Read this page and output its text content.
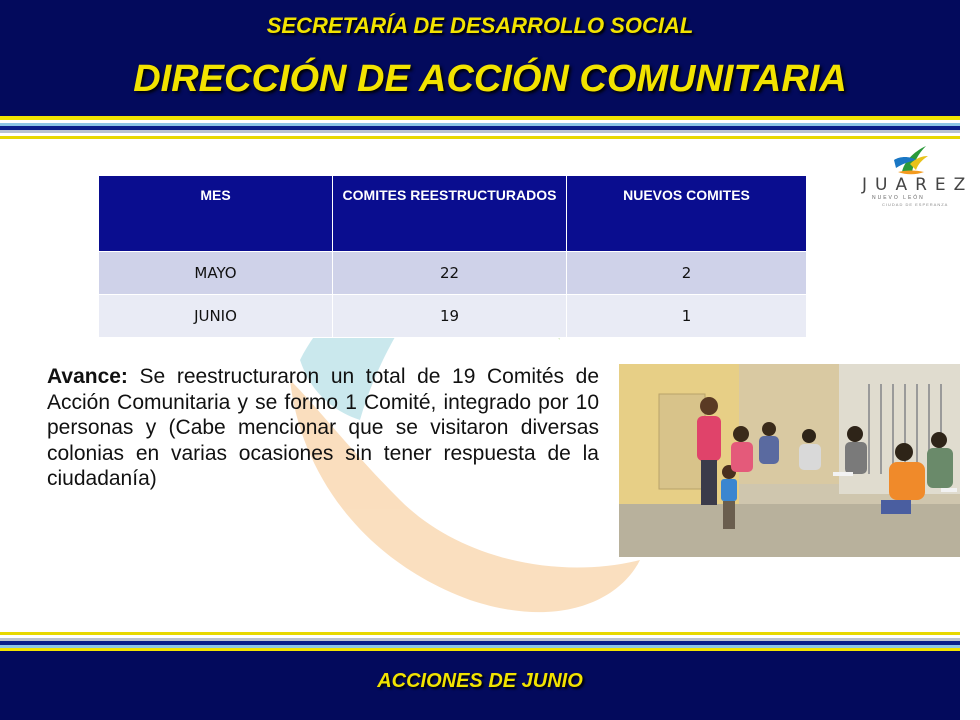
SECRETARÍA DE DESARROLLO SOCIAL
DIRECCIÓN DE ACCIÓN COMUNITARIA
JUAREZ
NUEVO LEÓN
CIUDAD DE ESPERANZA
MES	COMITES REESTRUCTURADOS	NUEVOS COMITES
MAYO	22	2
JUNIO	19	1
Avance: Se reestructuraron un total de 19 Comités de Acción Comunitaria y se formo 1 Comité, integrado por 10 personas y (Cabe mencionar que se visitaron diversas colonias en varias ocasiones sin tener respuesta de la ciudadanía)
ACCIONES DE JUNIO
